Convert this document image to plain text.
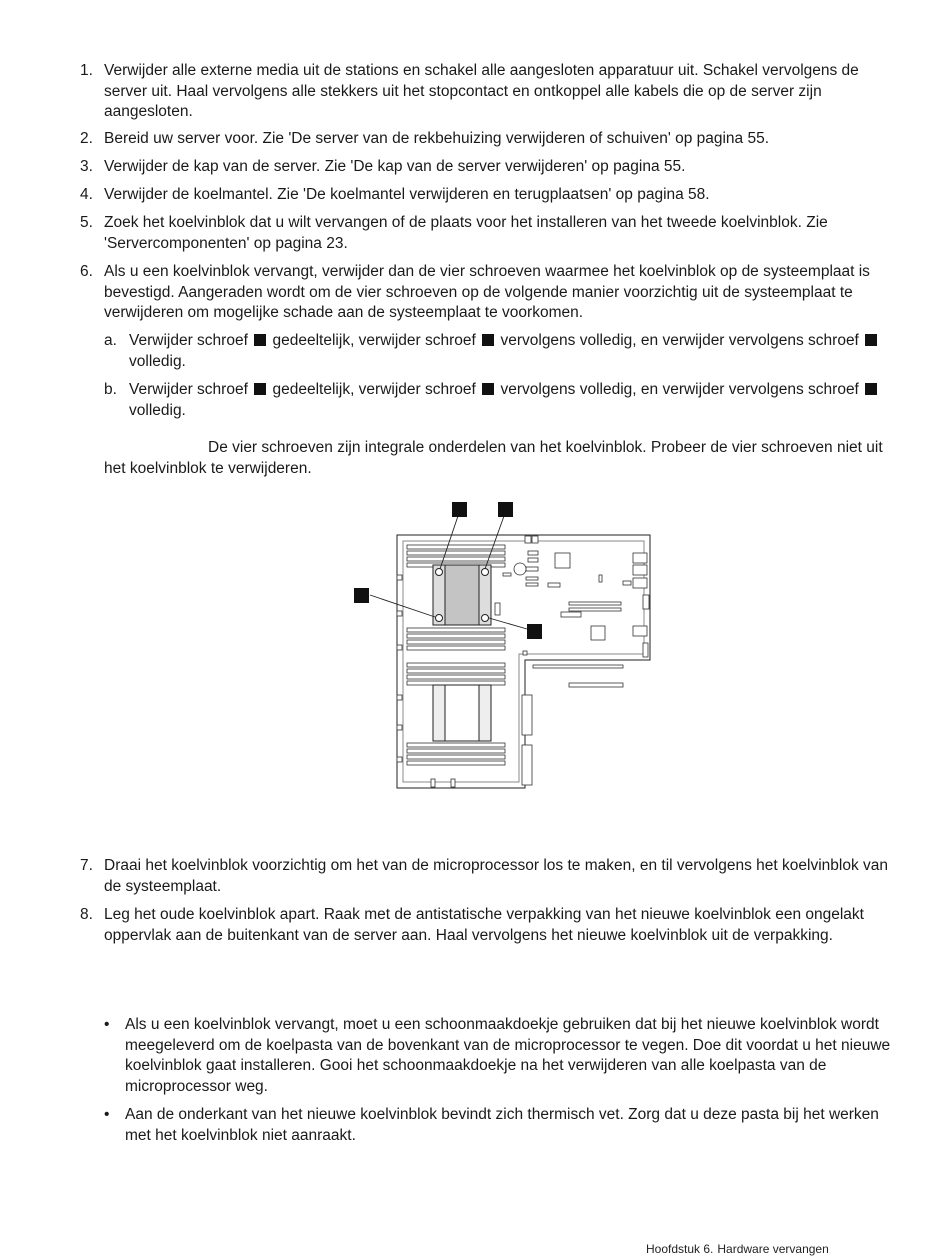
1. Verwijder alle externe media uit de stations en schakel alle aangesloten apparatuur uit. Schakel vervolgens de server uit. Haal vervolgens alle stekkers uit het stopcontact en ontkoppel alle kabels die op de server zijn aangesloten.
2. Bereid uw server voor. Zie 'De server van de rekbehuizing verwijderen of schuiven' op pagina 55.
3. Verwijder de kap van de server. Zie 'De kap van de server verwijderen' op pagina 55.
4. Verwijder de koelmantel. Zie 'De koelmantel verwijderen en terugplaatsen' op pagina 58.
5. Zoek het koelvinblok dat u wilt vervangen of de plaats voor het installeren van het tweede koelvinblok. Zie 'Servercomponenten' op pagina 23.
6. Als u een koelvinblok vervangt, verwijder dan de vier schroeven waarmee het koelvinblok op de systeemplaat is bevestigd. Aangeraden wordt om de vier schroeven op de volgende manier voorzichtig uit de systeemplaat te verwijderen om mogelijke schade aan de systeemplaat te voorkomen.
a. Verwijder schroef gedeeltelijk, verwijder schroef vervolgens volledig, en verwijder vervolgens schroef  volledig.
b. Verwijder schroef gedeeltelijk, verwijder schroef vervolgens volledig, en verwijder vervolgens schroef  volledig.

De vier schroeven zijn integrale onderdelen van het koelvinblok. Probeer de vier schroeven niet uit het koelvinblok te verwijderen.

7. Draai het koelvinblok voorzichtig om het van de microprocessor los te maken, en til vervolgens het koelvinblok van de systeemplaat.
8. Leg het oude koelvinblok apart. Raak met de antistatische verpakking van het nieuwe koelvinblok een ongelakt oppervlak aan de buitenkant van de server aan. Haal vervolgens het nieuwe koelvinblok uit de verpakking.
• Als u een koelvinblok vervangt, moet u een schoonmaakdoekje gebruiken dat bij het nieuwe koelvinblok wordt meegeleverd om de koelpasta van de bovenkant van de microprocessor te vegen. Doe dit voordat u het nieuwe koelvinblok gaat installeren. Gooi het schoonmaakdoekje na het verwijderen van alle koelpasta van de microprocessor weg.
• Aan de onderkant van het nieuwe koelvinblok bevindt zich thermisch vet. Zorg dat u deze pasta bij het werken met het koelvinblok niet aanraakt.
Hoofdstuk 6. Hardware vervangen
